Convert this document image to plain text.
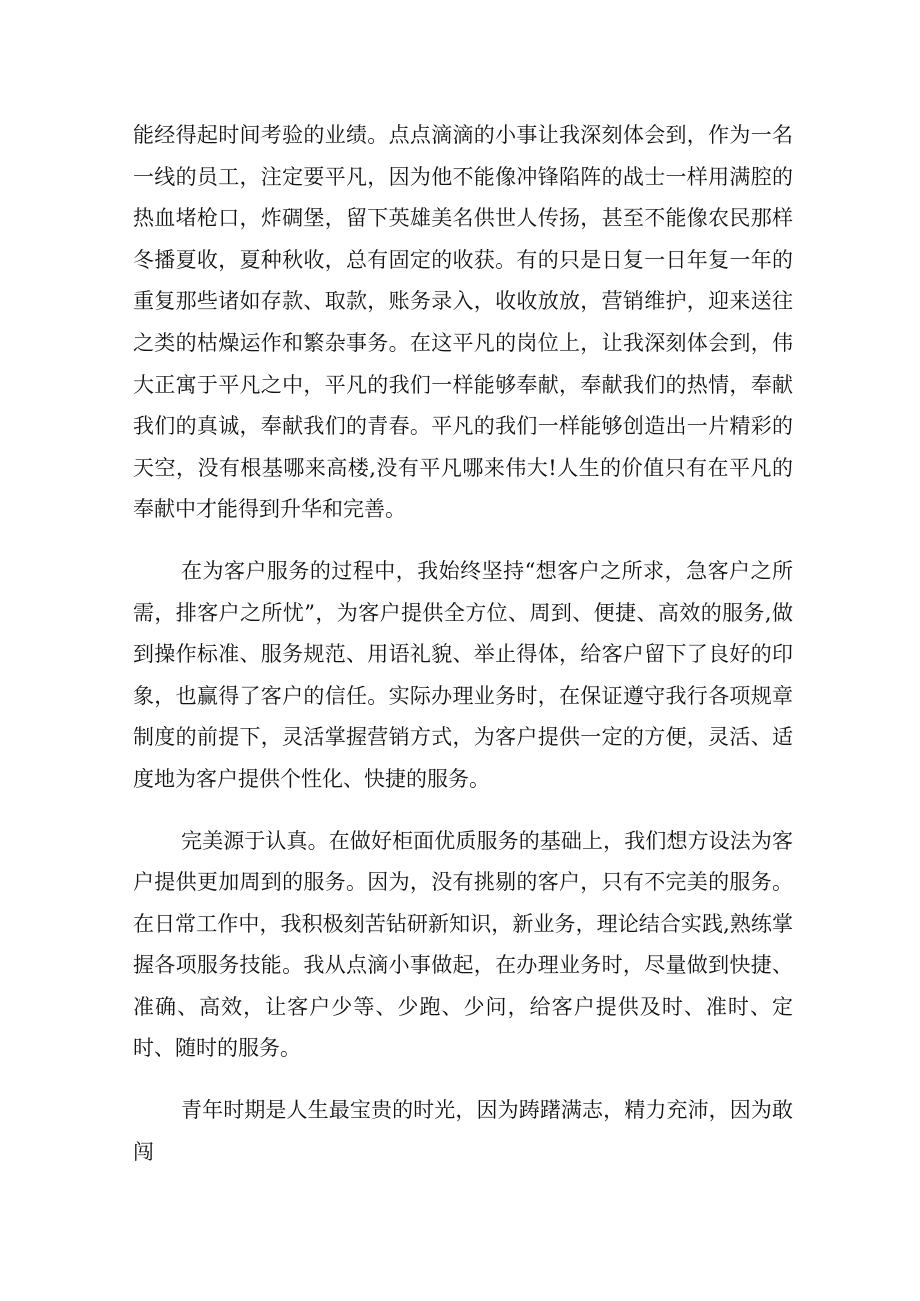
能经得起时间考验的业绩。点点滴滴的小事让我深刻体会到，作为一名一线的员工，注定要平凡，因为他不能像冲锋陷阵的战士一样用满腔的热血堵枪口，炸碉堡，留下英雄美名供世人传扬，甚至不能像农民那样冬播夏收，夏种秋收，总有固定的收获。有的只是日复一日年复一年的重复那些诸如存款、取款，账务录入，收收放放，营销维护，迎来送往之类的枯燥运作和繁杂事务。在这平凡的岗位上，让我深刻体会到，伟大正寓于平凡之中，平凡的我们一样能够奉献，奉献我们的热情，奉献我们的真诚，奉献我们的青春。平凡的我们一样能够创造出一片精彩的天空，没有根基哪来高楼,没有平凡哪来伟大!人生的价值只有在平凡的奉献中才能得到升华和完善。

在为客户服务的过程中，我始终坚持“想客户之所求，急客户之所需，排客户之所忧”，为客户提供全方位、周到、便捷、高效的服务,做到操作标准、服务规范、用语礼貌、举止得体，给客户留下了良好的印象，也赢得了客户的信任。实际办理业务时，在保证遵守我行各项规章制度的前提下，灵活掌握营销方式，为客户提供一定的方便，灵活、适度地为客户提供个性化、快捷的服务。

完美源于认真。在做好柜面优质服务的基础上，我们想方设法为客户提供更加周到的服务。因为，没有挑剔的客户，只有不完美的服务。在日常工作中，我积极刻苦钻研新知识，新业务，理论结合实践,熟练掌握各项服务技能。我从点滴小事做起，在办理业务时，尽量做到快捷、准确、高效，让客户少等、少跑、少问，给客户提供及时、准时、定时、随时的服务。

青年时期是人生最宝贵的时光，因为踌躇满志，精力充沛，因为敢闯
